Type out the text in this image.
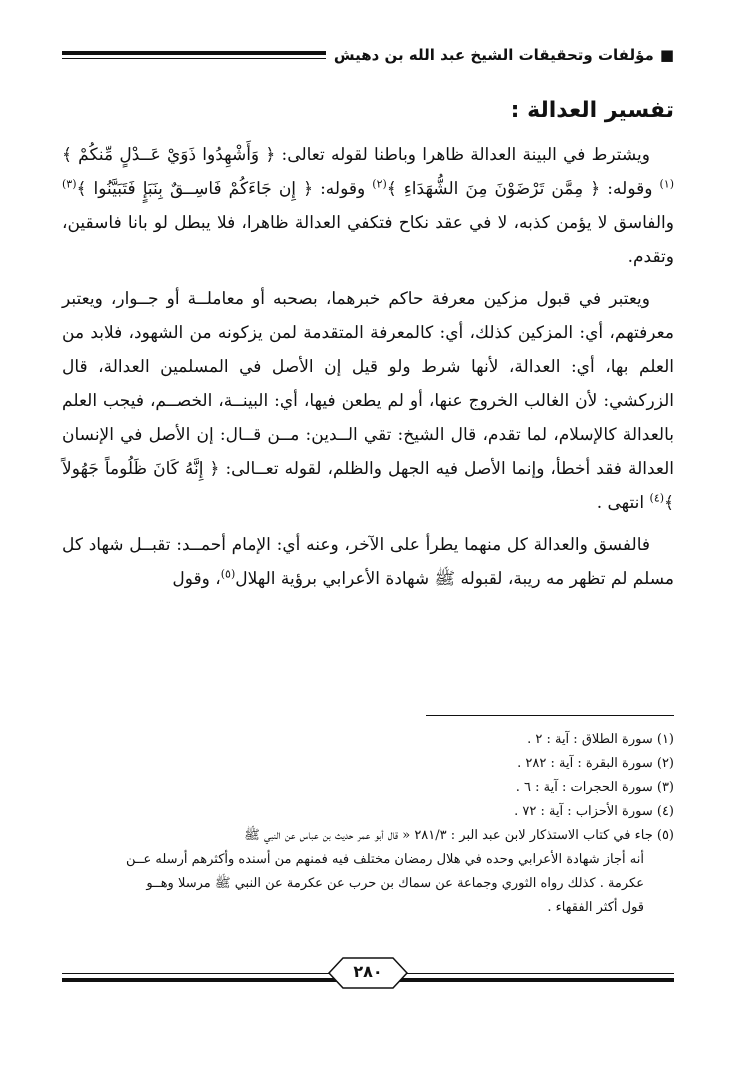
■مؤلفات وتحقيقات الشيخ عبد الله بن دهيش
تفسير العدالة :

ويشترط في البينة العدالة ظاهرا وباطنا لقوله تعالى: ﴿ وَأَشْهِدُوا ذَوَيْ عَــدْلٍ مِّنكُمْ ﴾$^{(١)}$ وقوله: ﴿ مِمَّن تَرْضَوْنَ مِنَ الشُّهَدَاءِ ﴾$^{(٢)}$ وقوله: ﴿ إِن جَاءَكُمْ فَاسِــقٌ بِنَبَإٍ فَتَبَيَّنُوا ﴾$^{(٣)}$ والفاسق لا يؤمن كذبه، لا في عقد نكاح فتكفي العدالة ظاهرا، فلا يبطل لو بانا فاسقين، وتقدم.

ويعتبر في قبول مزكين معرفة حاكم خبرهما، بصحبه أو معاملــة أو جــوار، ويعتبر معرفتهم، أي: المزكين كذلك، أي: كالمعرفة المتقدمة لمن يزكونه من الشهود، فلابد من العلم بها، أي: العدالة، لأنها شرط ولو قيل إن الأصل في المسلمين العدالة، قال الزركشي: لأن الغالب الخروج عنها، أو لم يطعن فيها، أي: البينــة، الخصــم، فيجب العلم بالعدالة كالإسلام، لما تقدم، قال الشيخ: تقي الــدين: مــن قــال: إن الأصل في الإنسان العدالة فقد أخطأ، وإنما الأصل فيه الجهل والظلم، لقوله تعــالى: ﴿ إِنَّهُ كَانَ ظَلُوماً جَهُولاً ﴾$^{(٤)}$ انتهى .

فالفسق والعدالة كل منهما يطرأ على الآخر، وعنه أي: الإمام أحمــد: تقبــل شهاد كل مسلم لم تظهر مه ريبة، لقبوله ﷺ شهادة الأعرابي برؤية الهلال$^{(٥)}$، وقول

(١) سورة الطلاق : آية : ٢ .

(٢) سورة البقرة : آية : ٢٨٢ .

(٣) سورة الحجرات : آية : ٦ .

(٤) سورة الأحزاب : آية : ٧٢ .

(٥) جاء في كتاب الاستذكار لابن عبد البر : ٢٨١/٣ « قال أبو عمر حديث بن عباس عن النبي ﷺ

أنه أجاز شهادة الأعرابي وحده في هلال رمضان مختلف فيه فمنهم من أسنده وأكثرهم أرسله عــن

عكرمة . كذلك رواه الثوري وجماعة عن سماك بن حرب عن عكرمة عن النبي ﷺ مرسلا وهــو

قول أكثر الفقهاء .

٢٨٠
